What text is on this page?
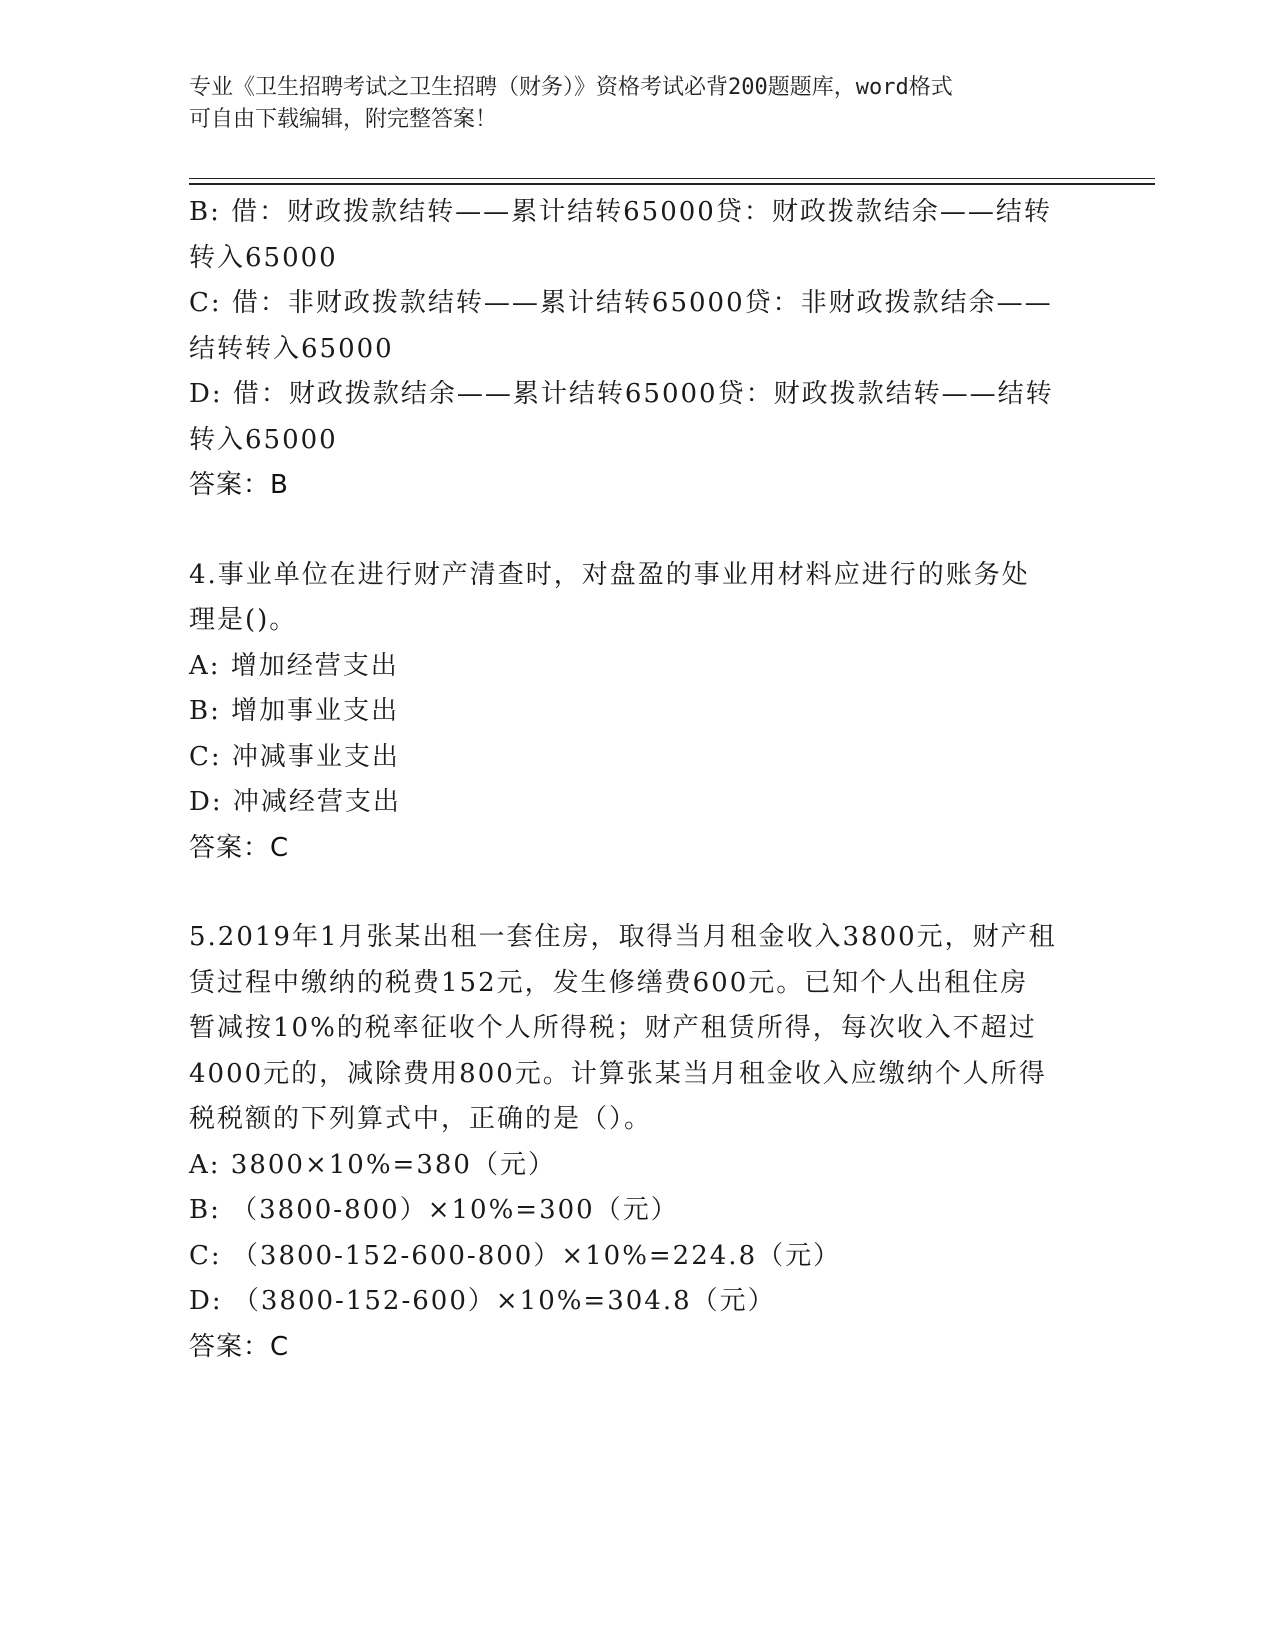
专业《卫生招聘考试之卫生招聘（财务）》资格考试必背200题题库，word格式
可自由下载编辑，附完整答案！
B: 借：财政拨款结转——累计结转65000贷：财政拨款结余——结转
转入65000
C: 借：非财政拨款结转——累计结转65000贷：非财政拨款结余——
结转转入65000
D: 借：财政拨款结余——累计结转65000贷：财政拨款结转——结转
转入65000
答案：B
4.事业单位在进行财产清查时，对盘盈的事业用材料应进行的账务处
理是()。
A: 增加经营支出
B: 增加事业支出
C: 冲减事业支出
D: 冲减经营支出
答案：C
5.2019年1月张某出租一套住房，取得当月租金收入3800元，财产租
赁过程中缴纳的税费152元，发生修缮费600元。已知个人出租住房
暂减按10%的税率征收个人所得税；财产租赁所得，每次收入不超过
4000元的，减除费用800元。计算张某当月租金收入应缴纳个人所得
税税额的下列算式中，正确的是（）。
A: 3800×10%=380（元）
B: （3800-800）×10%=300（元）
C: （3800-152-600-800）×10%=224.8（元）
D: （3800-152-600）×10%=304.8（元）
答案：C
